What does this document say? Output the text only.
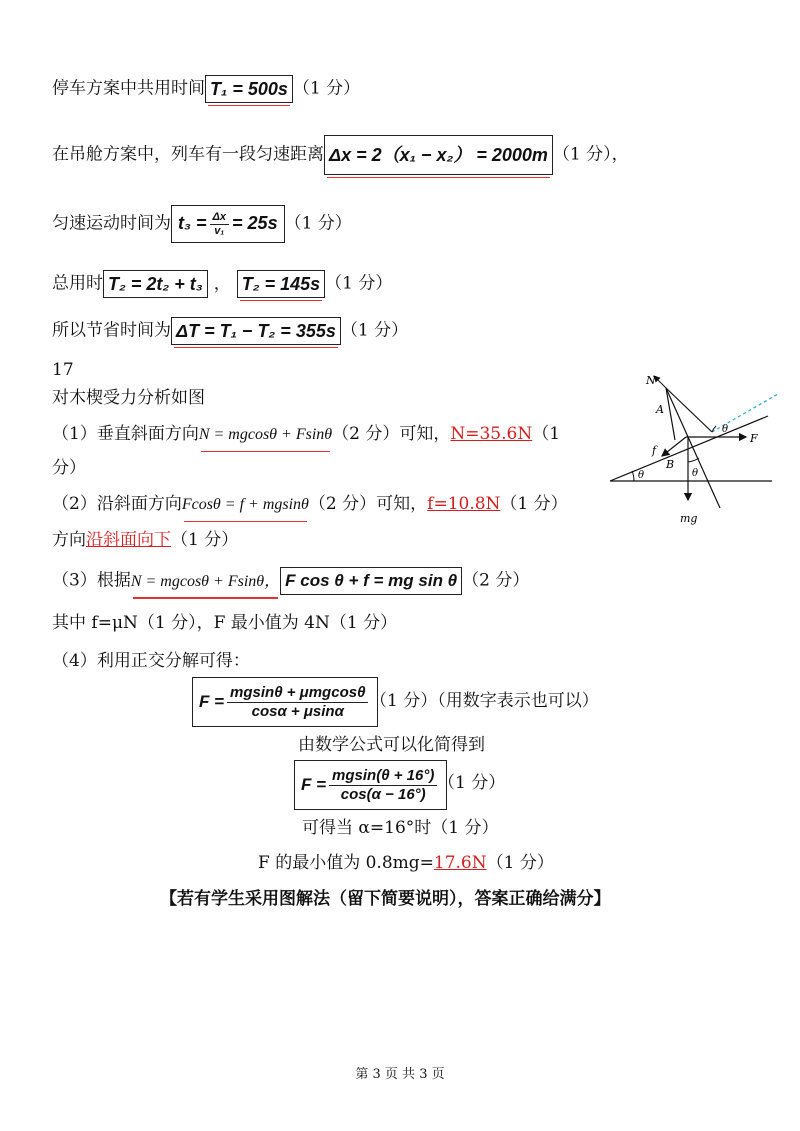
停车方案中共用时间 T₁ = 500s （1 分）
在吊舱方案中，列车有一段匀速距离 Δx = 2（x₁ − x₂） = 2000m （1 分），
匀速运动时间为 $t_3 = \frac{\Delta x}{\text{v₁}} = 25s$ （1 分）
总用时 T₂ = 2t₂ + t₃ ， T₂ = 145s （1 分）
所以节省时间为 ΔT = T₁ − T₂ = 355s （1 分）
17
对木楔受力分析如图
（1）垂直斜面方向N = mgcosθ + Fsinθ（2 分）可知，N=35.6N（1
分）
（2）沿斜面方向Fcosθ = f + mgsinθ（2 分）可知，f=10.8N（1 分）
方向沿斜面向下（1 分）
（3）根据N = mgcosθ + Fsinθ， F cos θ + f = mg sin θ （2 分）
其中 f=μN（1 分），F 最小值为 4N（1 分）
（4）利用正交分解可得：
$F = \frac{\text{mgsinθ + μmgcosθ}}{\cos\alpha + \mu\sin\alpha} (1$ 分）（用数字表示也可以）
由数学公式可以化简得到
$F = \frac{mgsin(\theta + 16^\circ)}{\cos(\alpha - 16^\circ)} (1$ 分）
可得当 α=16°时（1 分）
F 的最小值为 0.8mg=17.6N（1 分）
【若有学生采用图解法（留下简要说明），答案正确给满分】
N
A
f
B
θ	θ
θ
F
mg
第 3 页 共 3 页
